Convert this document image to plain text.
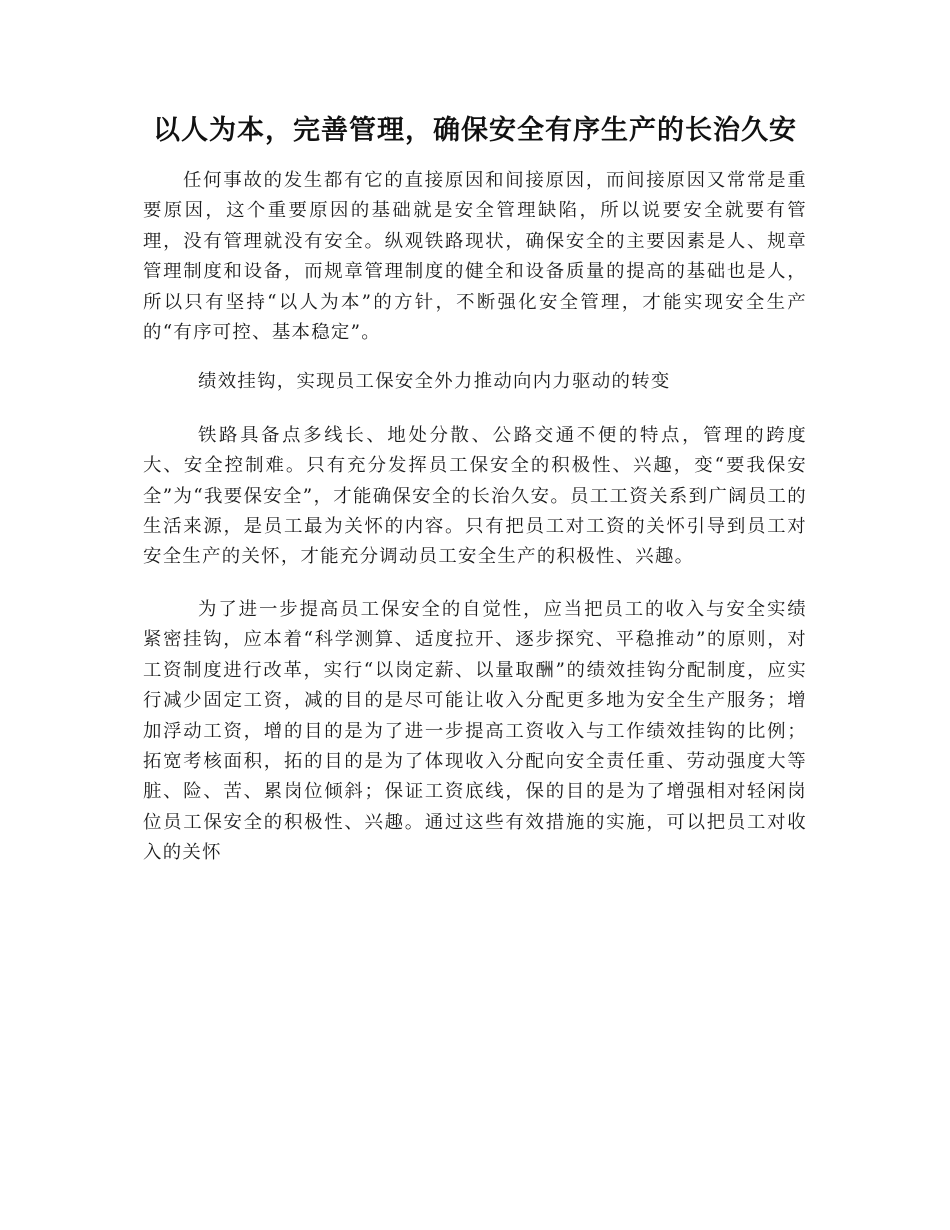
以人为本，完善管理，确保安全有序生产的长治久安

任何事故的发生都有它的直接原因和间接原因，而间接原因又常常是重要原因，这个重要原因的基础就是安全管理缺陷，所以说要安全就要有管理，没有管理就没有安全。纵观铁路现状，确保安全的主要因素是人、规章管理制度和设备，而规章管理制度的健全和设备质量的提高的基础也是人，所以只有坚持“以人为本”的方针，不断强化安全管理，才能实现安全生产的“有序可控、基本稳定”。

绩效挂钩，实现员工保安全外力推动向内力驱动的转变

铁路具备点多线长、地处分散、公路交通不便的特点，管理的跨度大、安全控制难。只有充分发挥员工保安全的积极性、兴趣，变“要我保安全”为“我要保安全”，才能确保安全的长治久安。员工工资关系到广阔员工的生活来源，是员工最为关怀的内容。只有把员工对工资的关怀引导到员工对安全生产的关怀，才能充分调动员工安全生产的积极性、兴趣。

为了进一步提高员工保安全的自觉性，应当把员工的收入与安全实绩紧密挂钩，应本着“科学测算、适度拉开、逐步探究、平稳推动”的原则，对工资制度进行改革，实行“以岗定薪、以量取酬”的绩效挂钩分配制度，应实行减少固定工资，减的目的是尽可能让收入分配更多地为安全生产服务；增加浮动工资，增的目的是为了进一步提高工资收入与工作绩效挂钩的比例；拓宽考核面积，拓的目的是为了体现收入分配向安全责任重、劳动强度大等脏、险、苦、累岗位倾斜；保证工资底线，保的目的是为了增强相对轻闲岗位员工保安全的积极性、兴趣。通过这些有效措施的实施，可以把员工对收入的关怀
